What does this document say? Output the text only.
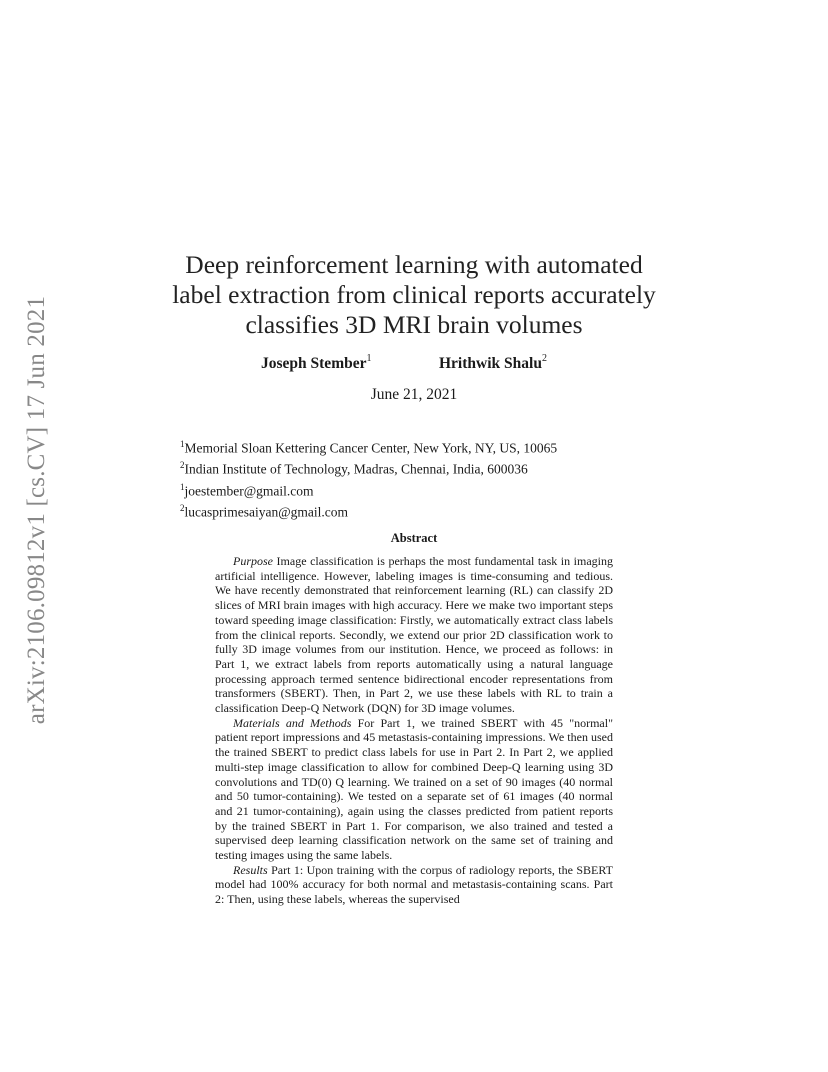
arXiv:2106.09812v1 [cs.CV] 17 Jun 2021
Deep reinforcement learning with automated
label extraction from clinical reports accurately
classifies 3D MRI brain volumes
Joseph Stember$^1$	Hrithwik Shalu$^2$
June 21, 2021
$^1$Memorial Sloan Kettering Cancer Center, New York, NY, US, 10065
$^2$Indian Institute of Technology, Madras, Chennai, India, 600036
$^1$joestember@gmail.com
$^2$lucasprimesaiyan@gmail.com
Abstract

Purpose Image classification is perhaps the most fundamental task in imaging artificial intelligence. However, labeling images is time-consuming and tedious. We have recently demonstrated that reinforcement learning (RL) can classify 2D slices of MRI brain images with high accuracy. Here we make two important steps toward speeding image classification: Firstly, we automatically extract class labels from the clinical reports. Secondly, we extend our prior 2D classification work to fully 3D image volumes from our institution. Hence, we proceed as follows: in Part 1, we extract labels from reports automatically using a natural language processing approach termed sentence bidirectional encoder representations from transformers (SBERT). Then, in Part 2, we use these labels with RL to train a classification Deep-Q Network (DQN) for 3D image volumes.

Materials and Methods For Part 1, we trained SBERT with 45 "normal" patient report impressions and 45 metastasis-containing impressions. We then used the trained SBERT to predict class labels for use in Part 2. In Part 2, we applied multi-step image classification to allow for combined Deep-Q learning using 3D convolutions and TD(0) Q learning. We trained on a set of 90 images (40 normal and 50 tumor-containing). We tested on a separate set of 61 images (40 normal and 21 tumor-containing), again using the classes predicted from patient reports by the trained SBERT in Part 1. For comparison, we also trained and tested a supervised deep learning classification network on the same set of training and testing images using the same labels.

Results Part 1: Upon training with the corpus of radiology reports, the SBERT model had 100% accuracy for both normal and metastasis-containing scans. Part 2: Then, using these labels, whereas the supervised
